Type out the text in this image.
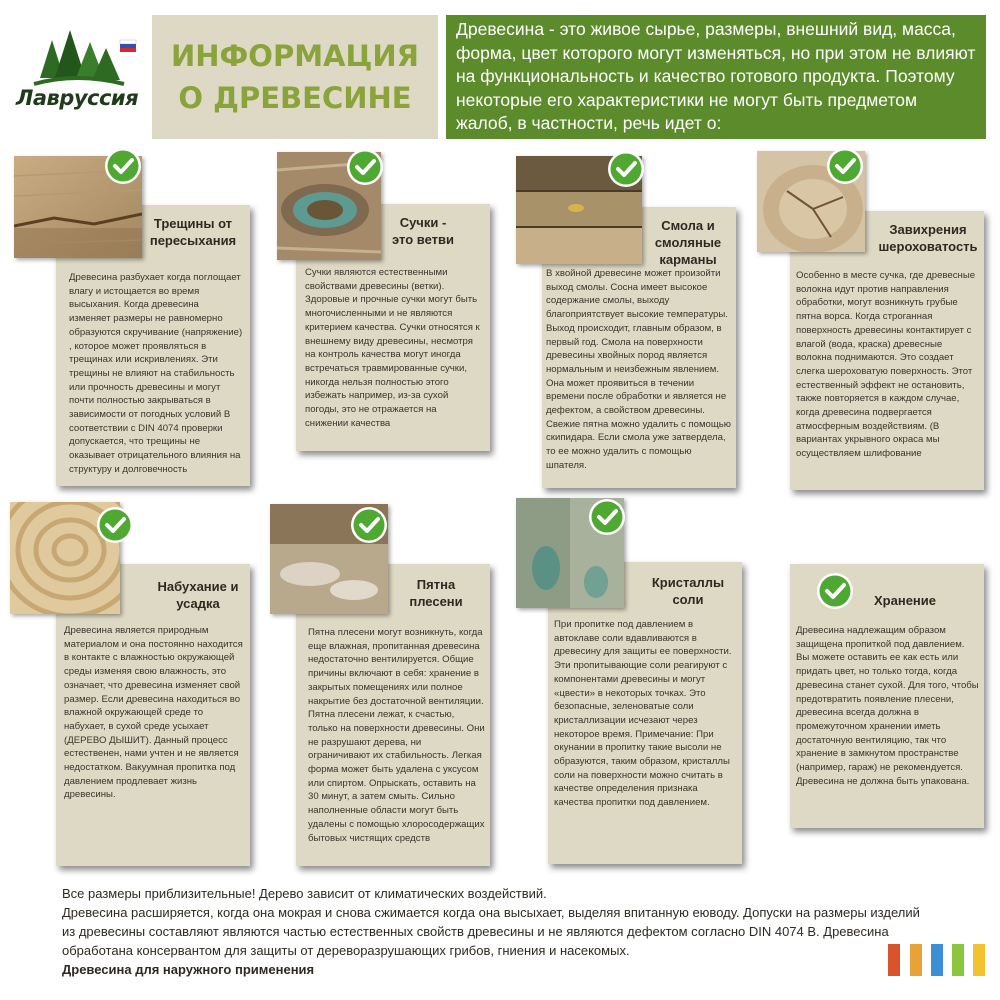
Лавруссия
ИНФОРМАЦИЯ О ДРЕВЕСИНЕ
Древесина - это живое сырье, размеры, внешний вид, масса, форма, цвет которого могут изменяться, но при этом не влияют на функциональность и качество готового продукта. Поэтому некоторые его характеристики не могут быть предметом жалоб, в частности, речь идет о:
Трещины от
пересыхания
Древесина разбухает когда поглощает влагу и истощается во время высыхания. Когда древесина изменяет размеры не равномерно образуются скручивание (напряжение) , которое может проявляться в трещинах или искривлениях. Эти трещины не влияют на стабильность или прочность древесины и могут почти полностью закрываться в зависимости от погодных условий В соответствии с DIN 4074 проверки допускается, что трещины не оказывает отрицательного влияния на структуру и долговечность
Сучки -
это ветви
Сучки являются естественными свойствами древесины (ветки). Здоровые и прочные сучки могут быть многочисленными и не являются критерием качества. Сучки относятся к внешнему виду древесины, несмотря на контроль качества могут иногда встречаться травмированные сучки, никогда нельзя полностью этого избежать например, из-за сухой погоды, это не отражается на снижении качества
Смола и
смоляные
карманы
В хвойной древесине может произойти выход смолы. Сосна имеет высокое содержание смолы, выходу благоприятствует высокие температуры. Выход происходит, главным образом, в первый год. Смола на поверхности древесины хвойных пород является нормальным и неизбежным явлением. Она может проявиться в течении времени после обработки и является не дефектом, а свойством древесины. Свежие пятна можно удалить с помощью скипидара. Если смола уже затвердела, то ее можно удалить с помощью шпателя.
Завихрения
шероховатость
Особенно в месте сучка, где древесные волокна идут против направления обработки, могут возникнуть грубые пятна ворса. Когда строганная поверхность древесины контактирует с влагой (вода, краска) древесные волокна поднимаются. Это создает слегка шероховатую поверхность. Этот естественный эффект не остановить, также повторяется в каждом случае, когда древесина подвергается атмосферным воздействиям. (В вариантах укрывного окраса мы осуществляем шлифование
Набухание и
усадка
Древесина является природным материалом и она постоянно находится в контакте с влажностью окружающей среды изменяя свою влажность, это означает, что древесина изменяет свой размер. Если древесина находиться во влажной окружающей среде то набухает, в сухой среде усыхает (ДЕРЕВО ДЫШИТ). Данный процесс естественен, нами учтен и не является недостатком. Вакуумная пропитка под давлением продлевает жизнь древесины.
Пятна
плесени
Пятна плесени могут возникнуть, когда еще влажная, пропитанная древесина недостаточно вентилируется. Общие причины включают в себя: хранение в закрытых помещениях или полное накрытие без достаточной вентиляции. Пятна плесени лежат, к счастью, только на поверхности древесины. Они не разрушают дерева, ни ограничивают их стабильность. Легкая форма может быть удалена с уксусом или спиртом. Опрыскать, оставить на 30 минут, а затем смыть. Сильно наполненные области могут быть удалены с помощью хлоросодержащих бытовых чистящих средств
Кристаллы
соли
При пропитке под давлением в автоклаве соли вдавливаются в древесину для защиты ее поверхности. Эти пропитывающие соли реагируют с компонентами древесины и могут «цвести» в некоторых точках. Это безопасные, зеленоватые соли кристаллизации исчезают через некоторое время. Примечание: При окунании в пропитку такие высоли не образуются, таким образом, кристаллы соли на поверхности можно считать в качестве определения признака качества пропитки под давлением.
Хранение
Древесина надлежащим образом защищена пропиткой под давлением. Вы можете оставить ее как есть или придать цвет, но только тогда, когда древесина станет сухой. Для того, чтобы предотвратить появление плесени, древесина всегда должна в промежуточном хранении иметь достаточную вентиляцию, так что хранение в замкнутом пространстве (например, гараж) не рекомендуется. Древесина не должна быть упакована.

Все размеры приблизительные! Дерево зависит от климатических воздействий.

Древесина расширяется, когда она мокрая и снова сжимается когда она высыхает, выделяя впитанную еюводу. Допуски на размеры изделий из древесины составляют являются частью естественных свойств древесины и не являются дефектом согласно DIN 4074 B. Древесина обработана консервантом для защиты от дереворазрушающих грибов, гниения и насекомых.

Древесина для наружного применения
